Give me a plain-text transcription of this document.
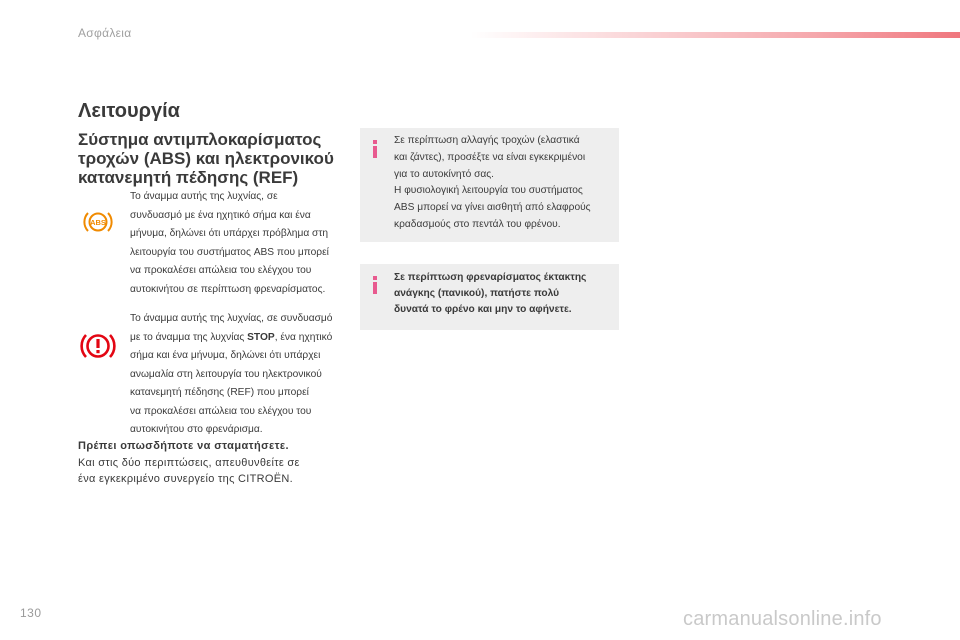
Ασφάλεια
Λειτουργία
Σύστημα αντιμπλοκαρίσματος
τροχών (ABS) και ηλεκτρονικού
κατανεμητή πέδησης (REF)
ABS
Το άναμμα αυτής της λυχνίας, σε
συνδυασμό με ένα ηχητικό σήμα και ένα
μήνυμα, δηλώνει ότι υπάρχει πρόβλημα στη
λειτουργία του συστήματος ABS που μπορεί
να προκαλέσει απώλεια του ελέγχου του
αυτοκινήτου σε περίπτωση φρεναρίσματος.
Το άναμμα αυτής της λυχνίας, σε συνδυασμό
με το άναμμα της λυχνίας STOP, ένα ηχητικό
σήμα και ένα μήνυμα, δηλώνει ότι υπάρχει
ανωμαλία στη λειτουργία του ηλεκτρονικού
κατανεμητή πέδησης (REF) που μπορεί
να προκαλέσει απώλεια του ελέγχου του
αυτοκινήτου στο φρενάρισμα.
Πρέπει οπωσδήποτε να σταματήσετε.
Και στις δύο περιπτώσεις, απευθυνθείτε σε
ένα εγκεκριμένο συνεργείο της CITROËN.
Σε περίπτωση αλλαγής τροχών (ελαστικά
και ζάντες), προσέξτε να είναι εγκεκριμένοι
για το αυτοκίνητό σας.
Η φυσιολογική λειτουργία του συστήματος
ABS μπορεί να γίνει αισθητή από ελαφρούς
κραδασμούς στο πεντάλ του φρένου.
Σε περίπτωση φρεναρίσματος έκτακτης
ανάγκης (πανικού), πατήστε πολύ
δυνατά το φρένο και μην το αφήνετε.
130	carmanualsonline.info
